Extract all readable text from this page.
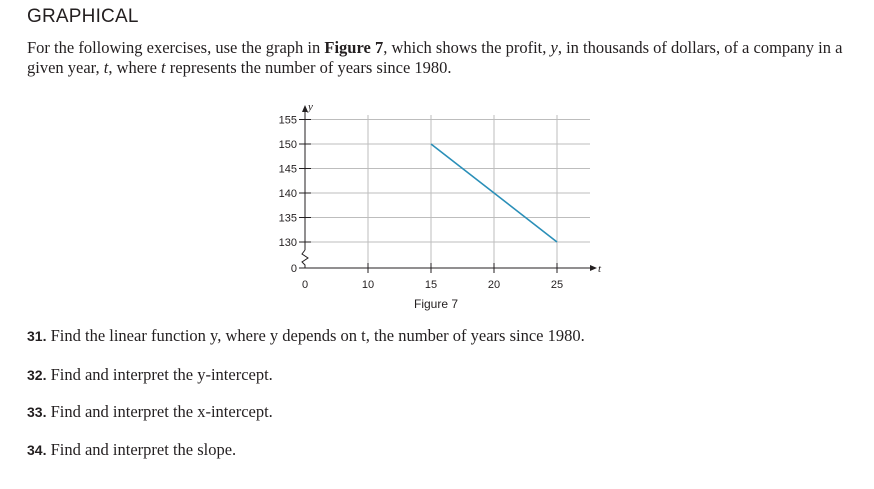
GRAPHICAL
For the following exercises, use the graph in Figure 7, which shows the profit, y, in thousands of dollars, of a company in a given year, t, where t represents the number of years since 1980.
0
130
135
140
145
150
155
0	10	15	20	25
y
t
Figure 7
31. Find the linear function y, where y depends on t, the number of years since 1980.
32. Find and interpret the y-intercept.
33. Find and interpret the x-intercept.
34. Find and interpret the slope.
